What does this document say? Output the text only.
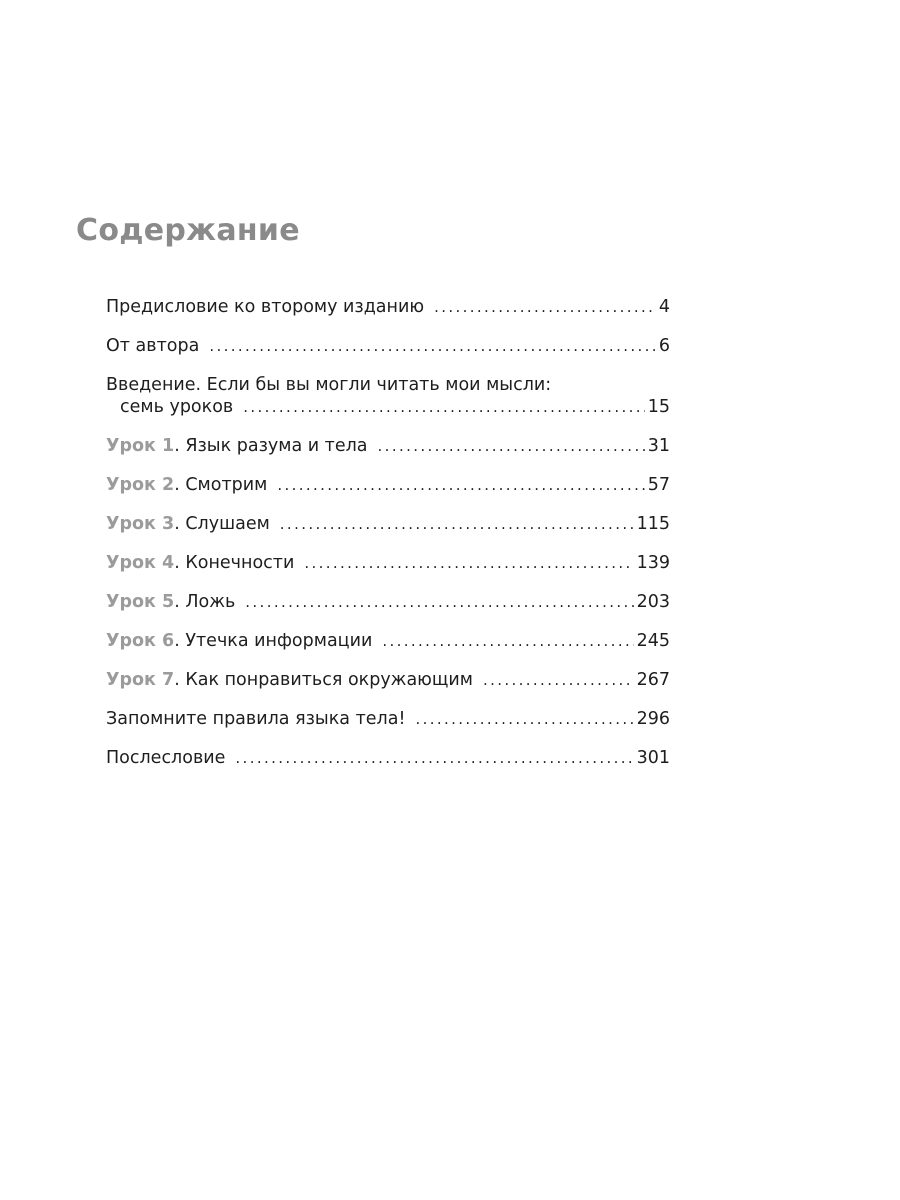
Содержание
Предисловие ко второму изданию . . .	4
От автора . . .	6
Введение. Если бы вы могли читать мои мысли:
семь уроков . . .	15
Урок 1. Язык разума и тела . . .	31
Урок 2. Смотрим . . .	57
Урок 3. Слушаем . . .	115
Урок 4. Конечности . . .	139
Урок 5. Ложь . . .	203
Урок 6. Утечка информации . . .	245
Урок 7. Как понравиться окружающим . . .	267
Запомните правила языка тела! . . .	296
Послесловие . . .	301
